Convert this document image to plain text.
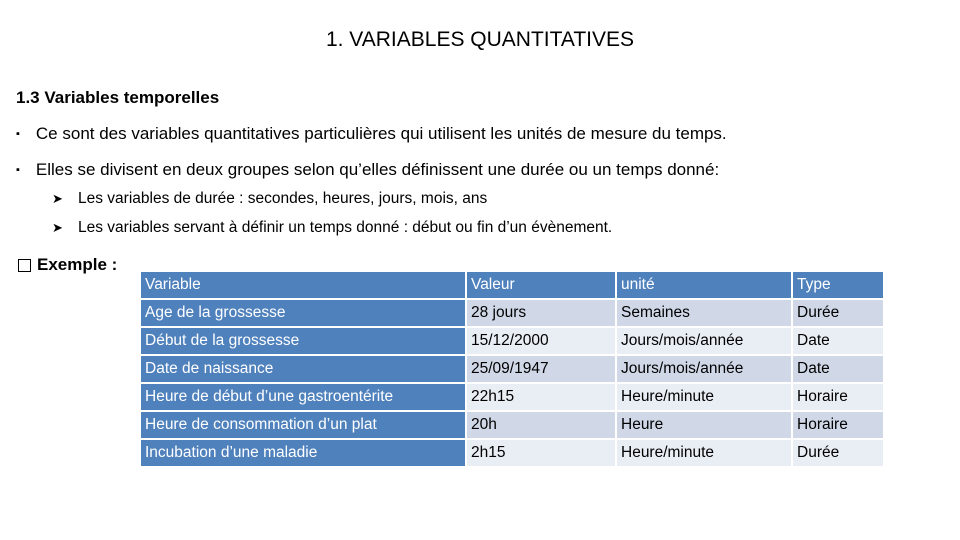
1. VARIABLES QUANTITATIVES
1.3 Variables temporelles
▪ Ce sont des variables quantitatives particulières qui utilisent les unités de mesure du temps.
▪ Elles se divisent en deux groupes selon qu’elles définissent une durée ou un temps donné:
➤ Les variables de durée : secondes, heures, jours, mois, ans
➤ Les variables servant à définir un temps donné : début ou fin d’un évènement.
Exemple :
Variable	Valeur	unité	Type
Age de la grossesse	28 jours	Semaines	Durée
Début de la grossesse	15/12/2000	Jours/mois/année	Date
Date de naissance	25/09/1947	Jours/mois/année	Date
Heure de début d’une gastroentérite	22h15	Heure/minute	Horaire
Heure de consommation d’un plat	20h	Heure	Horaire
Incubation d’une maladie	2h15	Heure/minute	Durée
